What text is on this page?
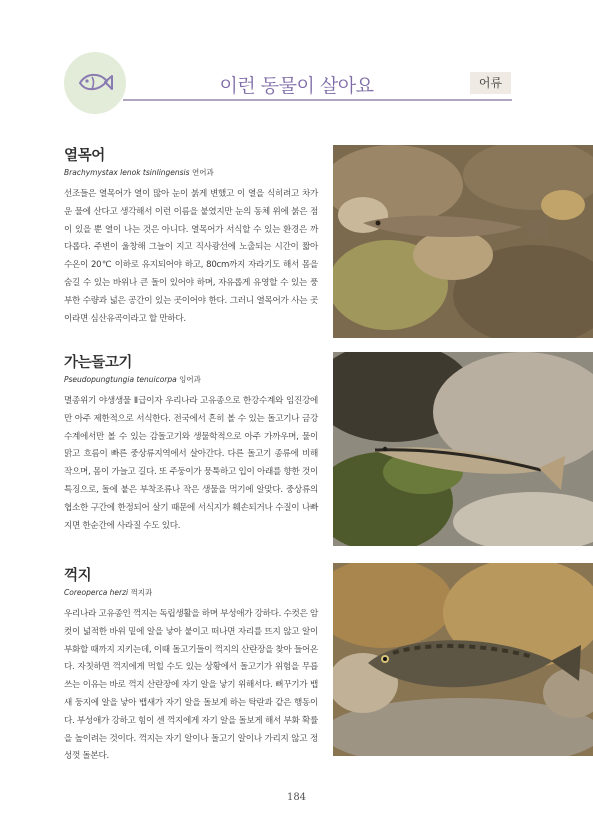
이런 동물이 살아요	어류
열목어
Brachymystax lenok tsinlingensis 연어과
선조들은 열목어가 열이 많아 눈이 붉게 변했고 이 열을 식히려고 차가운 물에 산다고 생각해서 이런 이름을 붙였지만 눈의 동체 위에 붉은 점이 있을 뿐 열이 나는 것은 아니다. 열목어가 서식할 수 있는 환경은 까다롭다. 주변이 울창해 그늘이 지고 직사광선에 노출되는 시간이 짧아 수온이 20℃ 이하로 유지되어야 하고, 80cm까지 자라기도 해서 몸을 숨길 수 있는 바위나 큰 돌이 있어야 하며, 자유롭게 유영할 수 있는 풍부한 수량과 넓은 공간이 있는 곳이어야 한다. 그러니 열목어가 사는 곳이라면 심산유곡이라고 할 만하다.
가는돌고기
Pseudopungtungia tenuicorpa 잉어과
멸종위기 야생생물 Ⅱ급이자 우리나라 고유종으로 한강수계와 임진강에만 아주 제한적으로 서식한다. 전국에서 흔히 볼 수 있는 돌고기나 금강 수계에서만 볼 수 있는 감돌고기와 생물학적으로 아주 가까우며, 물이 맑고 흐름이 빠른 중상류지역에서 살아간다. 다른 돌고기 종류에 비해 작으며, 몸이 가늘고 길다. 또 주둥이가 뭉툭하고 입이 아래를 향한 것이 특징으로, 돌에 붙은 부착조류나 작은 생물을 먹기에 알맞다. 중상류의 협소한 구간에 한정되어 살기 때문에 서식지가 훼손되거나 수질이 나빠지면 한순간에 사라질 수도 있다.
꺽지
Coreoperca herzi 꺽지과
우리나라 고유종인 꺽지는 독립생활을 하며 부성애가 강하다. 수컷은 암컷이 넓적한 바위 밑에 알을 낳아 붙이고 떠나면 자리를 뜨지 않고 알이 부화할 때까지 지키는데, 이때 돌고기들이 꺽지의 산란장을 찾아 들어온다. 자칫하면 꺽지에게 먹힐 수도 있는 상황에서 돌고기가 위험을 무릅쓰는 이유는 바로 꺽지 산란장에 자기 알을 낳기 위해서다. 뻐꾸기가 뱁새 둥지에 알을 낳아 뱁새가 자기 알을 돌보게 하는 탁란과 같은 행동이다. 부성애가 강하고 힘이 센 꺽지에게 자기 알을 돌보게 해서 부화 확률을 높이려는 것이다. 꺽지는 자기 알이나 돌고기 알이나 가리지 않고 정성껏 돌본다.
184
